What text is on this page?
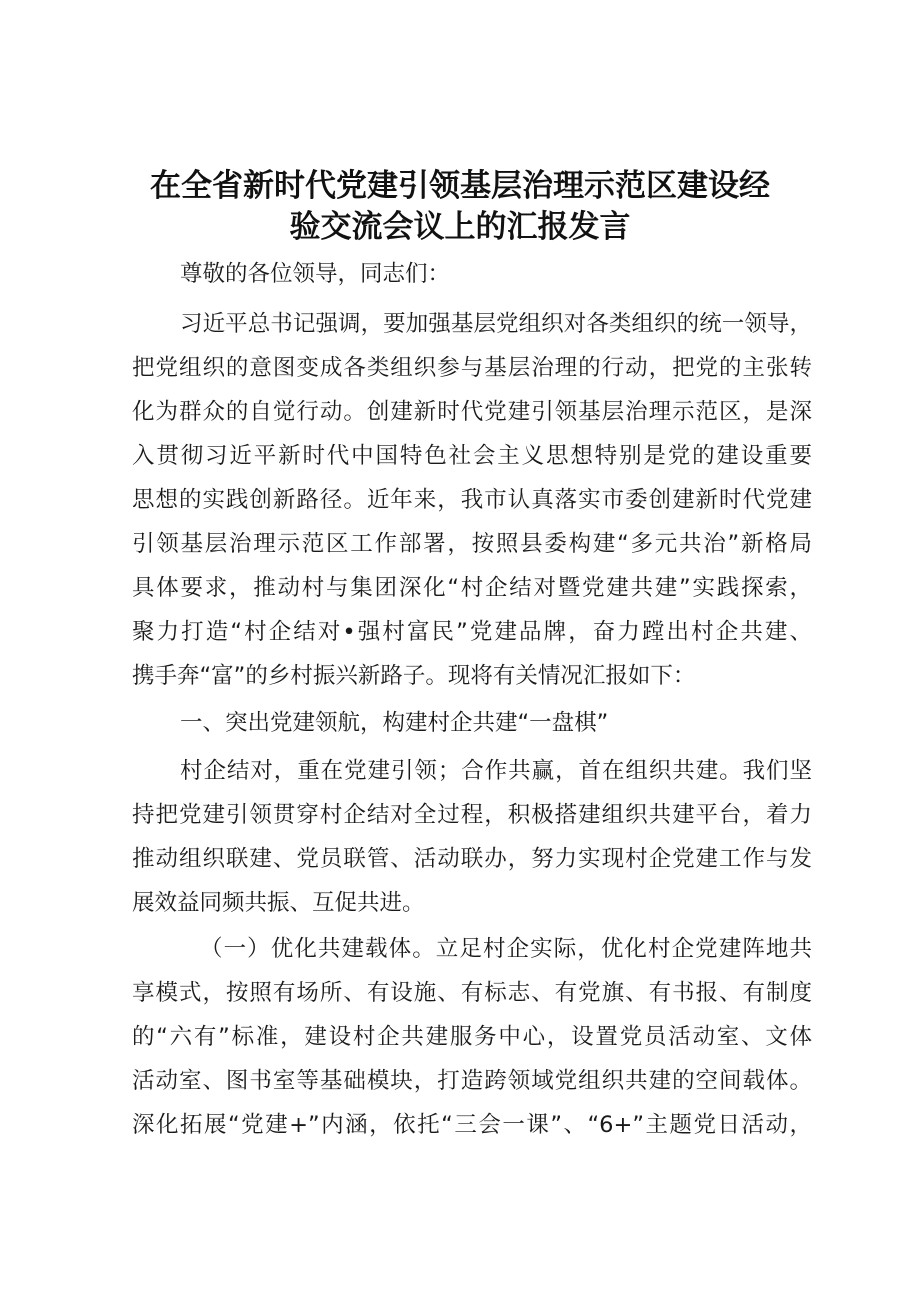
在全省新时代党建引领基层治理示范区建设经
验交流会议上的汇报发言
尊敬的各位领导，同志们：
习近平总书记强调，要加强基层党组织对各类组织的统一领导，
把党组织的意图变成各类组织参与基层治理的行动，把党的主张转
化为群众的自觉行动。创建新时代党建引领基层治理示范区，是深
入贯彻习近平新时代中国特色社会主义思想特别是党的建设重要
思想的实践创新路径。近年来，我市认真落实市委创建新时代党建
引领基层治理示范区工作部署，按照县委构建“多元共治”新格局
具体要求，推动村与集团深化“村企结对暨党建共建”实践探索，
聚力打造“村企结对•强村富民”党建品牌，奋力蹚出村企共建、
携手奔“富”的乡村振兴新路子。现将有关情况汇报如下：
一、突出党建领航，构建村企共建“一盘棋”
村企结对，重在党建引领；合作共赢，首在组织共建。我们坚
持把党建引领贯穿村企结对全过程，积极搭建组织共建平台，着力
推动组织联建、党员联管、活动联办，努力实现村企党建工作与发
展效益同频共振、互促共进。
（一）优化共建载体。立足村企实际，优化村企党建阵地共
享模式，按照有场所、有设施、有标志、有党旗、有书报、有制度
的“六有”标准，建设村企共建服务中心，设置党员活动室、文体
活动室、图书室等基础模块，打造跨领域党组织共建的空间载体。
深化拓展“党建+”内涵，依托“三会一课”、“6+”主题党日活动，
